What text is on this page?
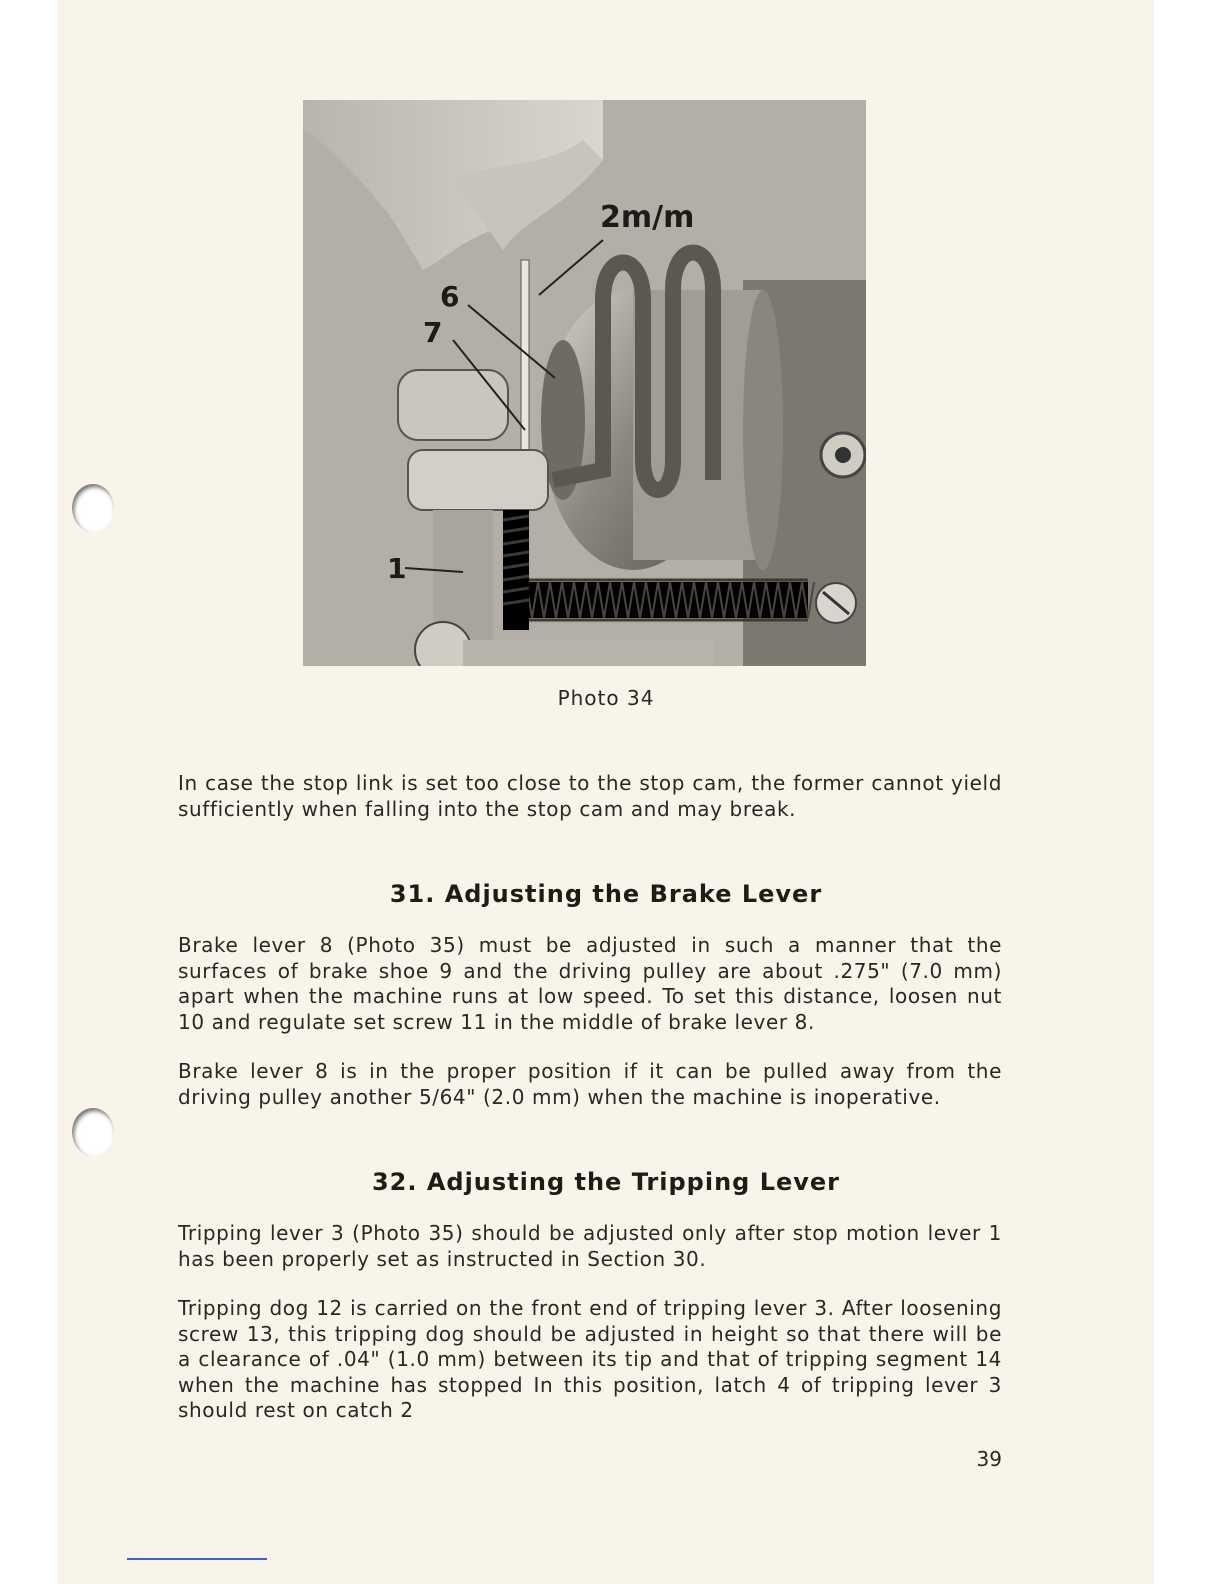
2m/m
6
7
1
Photo 34

In case the stop link is set too close to the stop cam, the former cannot yield sufficiently when falling into the stop cam and may break.

31. Adjusting the Brake Lever

Brake lever 8 (Photo 35) must be adjusted in such a manner that the surfaces of brake shoe 9 and the driving pulley are about .275" (7.0 mm) apart when the machine runs at low speed. To set this distance, loosen nut 10 and regulate set screw 11 in the middle of brake lever 8.

Brake lever 8 is in the proper position if it can be pulled away from the driving pulley another 5/64" (2.0 mm) when the machine is inoperative.

32. Adjusting the Tripping Lever

Tripping lever 3 (Photo 35) should be adjusted only after stop motion lever 1 has been properly set as instructed in Section 30.

Tripping dog 12 is carried on the front end of tripping lever 3. After loosening screw 13, this tripping dog should be adjusted in height so that there will be a clearance of .04" (1.0 mm) between its tip and that of tripping segment 14 when the machine has stopped In this position, latch 4 of tripping lever 3 should rest on catch 2

39
